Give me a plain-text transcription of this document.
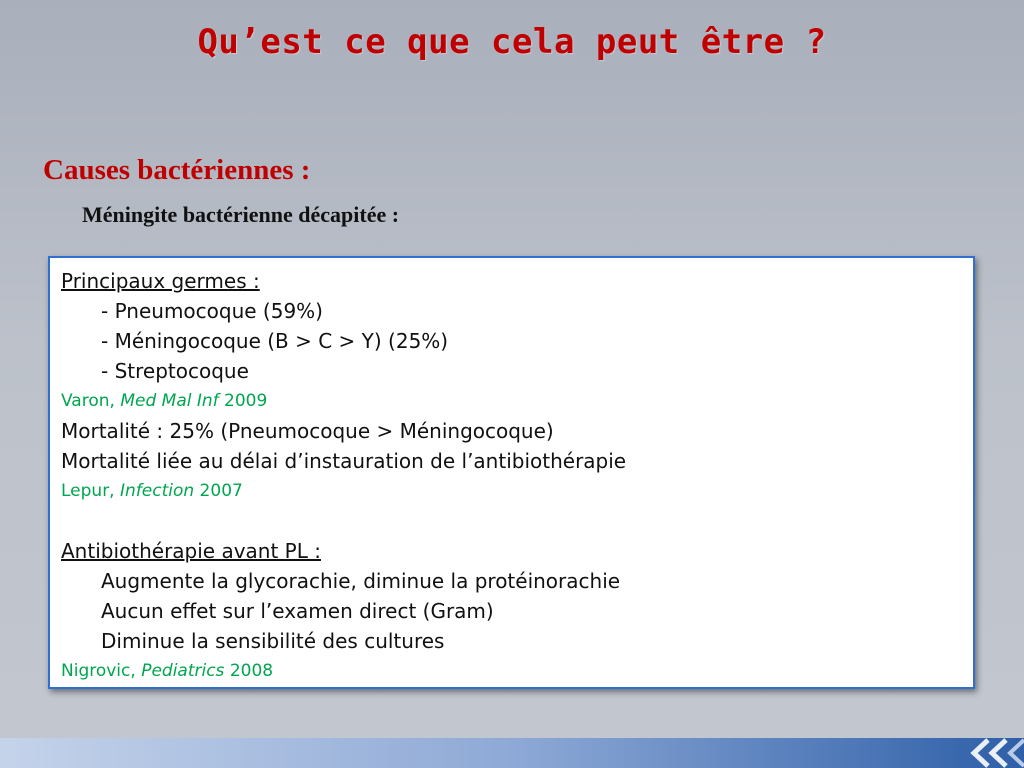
Qu’est ce que cela peut être ?
Causes bactériennes :
Méningite bactérienne décapitée :
Principaux germes :
- Pneumocoque (59%)
- Méningocoque (B > C > Y) (25%)
- Streptocoque
Varon, Med Mal Inf 2009
Mortalité : 25% (Pneumocoque > Méningocoque)
Mortalité liée au délai d’instauration de l’antibiothérapie
Lepur, Infection 2007
Antibiothérapie avant PL :
Augmente la glycorachie, diminue la protéinorachie
Aucun effet sur l’examen direct (Gram)
Diminue la sensibilité des cultures
Nigrovic, Pediatrics 2008
